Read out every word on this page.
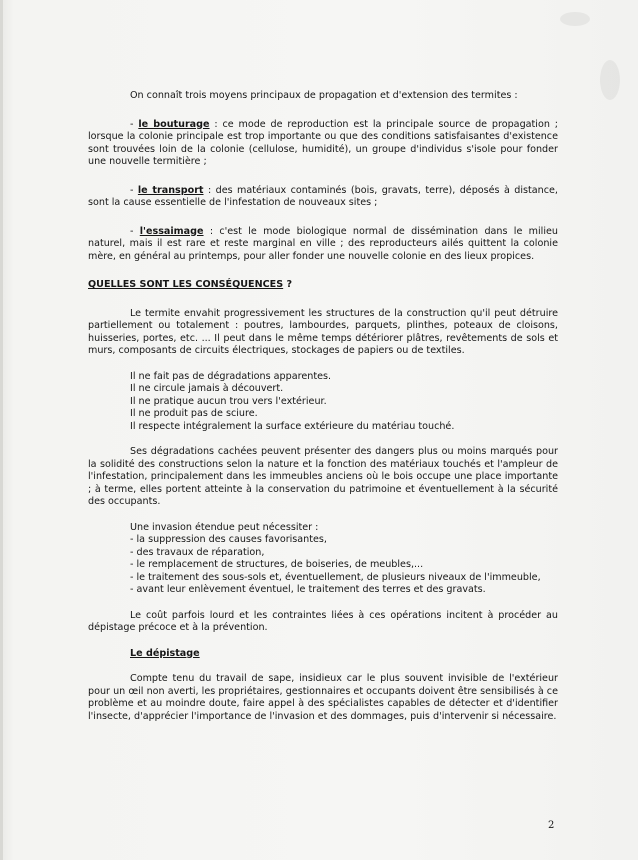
On connaît trois moyens principaux de propagation et d'extension des termites :

- le bouturage : ce mode de reproduction est la principale source de propagation ; lorsque la colonie principale est trop importante ou que des conditions satisfaisantes d'existence sont trouvées loin de la colonie (cellulose, humidité), un groupe d'individus s'isole pour fonder une nouvelle termitière ;

- le transport : des matériaux contaminés (bois, gravats, terre), déposés à distance, sont la cause essentielle de l'infestation de nouveaux sites ;

- l'essaimage : c'est le mode biologique normal de dissémination dans le milieu naturel, mais il est rare et reste marginal en ville ; des reproducteurs ailés quittent la colonie mère, en général au printemps, pour aller fonder une nouvelle colonie en des lieux propices.

QUELLES SONT LES CONSÉQUENCES

?

Le termite envahit progressivement les structures de la construction qu'il peut détruire partiellement ou totalement : poutres, lambourdes, parquets, plinthes, poteaux de cloisons, huisseries, portes, etc. ... Il peut dans le même temps détériorer plâtres, revêtements de sols et murs, composants de circuits électriques, stockages de papiers ou de textiles.

Il ne fait pas de dégradations apparentes.
Il ne circule jamais à découvert.
Il ne pratique aucun trou vers l'extérieur.
Il ne produit pas de sciure.
Il respecte intégralement la surface extérieure du matériau touché.

Ses dégradations cachées peuvent présenter des dangers plus ou moins marqués pour la solidité des constructions selon la nature et la fonction des matériaux touchés et l'ampleur de l'infestation, principalement dans les immeubles anciens où le bois occupe une place importante ; à terme, elles portent atteinte à la conservation du patrimoine et éventuellement à la sécurité des occupants.

Une invasion étendue peut nécessiter :

- la suppression des causes favorisantes,
- des travaux de réparation,
- le remplacement de structures, de boiseries, de meubles,...
- le traitement des sous-sols et, éventuellement, de plusieurs niveaux de l'immeuble,
- avant leur enlèvement éventuel, le traitement des terres et des gravats.

Le coût parfois lourd et les contraintes liées à ces opérations incitent à procéder au dépistage précoce et à la prévention.

Le dépistage

Compte tenu du travail de sape, insidieux car le plus souvent invisible de l'extérieur pour un œil non averti, les propriétaires, gestionnaires et occupants doivent être sensibilisés à ce problème et au moindre doute, faire appel à des spécialistes capables de détecter et d'identifier l'insecte, d'apprécier l'importance de l'invasion et des dommages, puis d'intervenir si nécessaire.

2
